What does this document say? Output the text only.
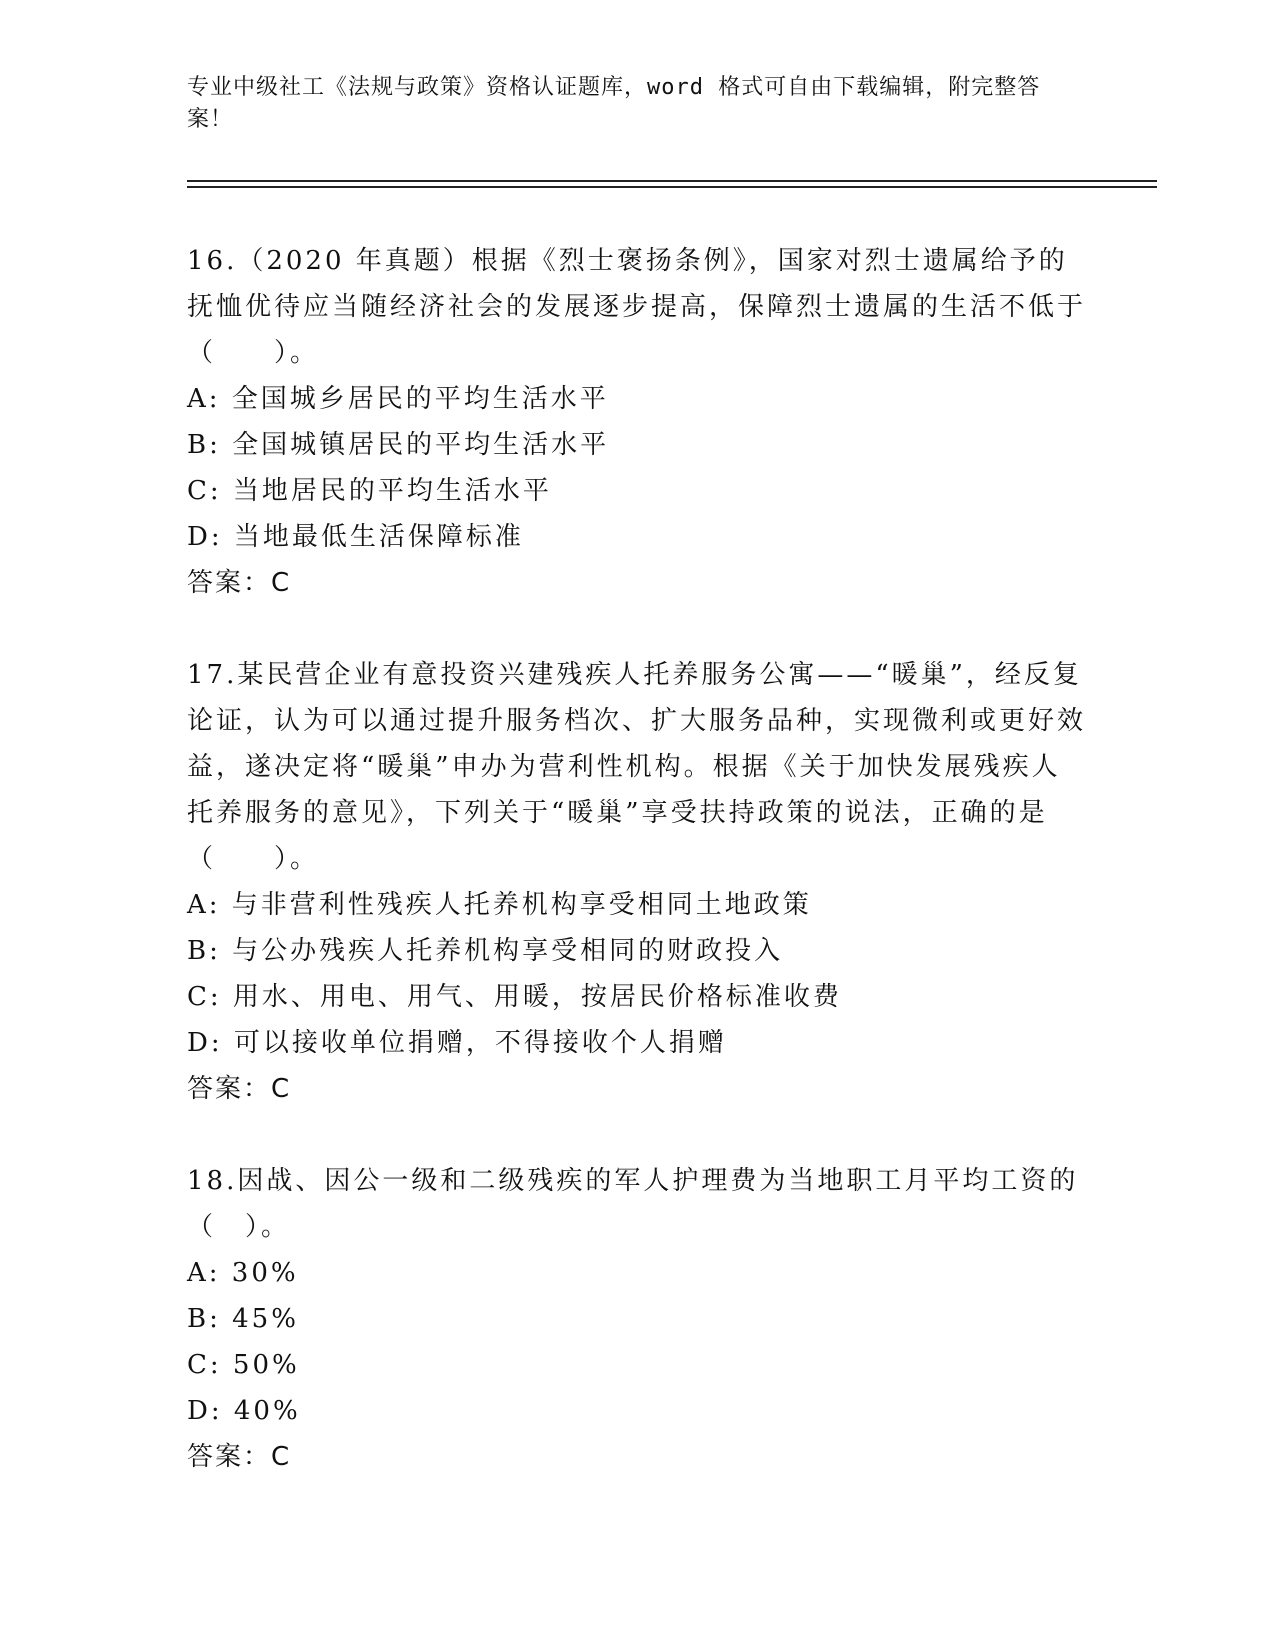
专业中级社工《法规与政策》资格认证题库，word 格式可自由下载编辑，附完整答案！
16.（2020 年真题）根据《烈士褒扬条例》，国家对烈士遗属给予的抚恤优待应当随经济社会的发展逐步提高，保障烈士遗属的生活不低于（　　）。
A: 全国城乡居民的平均生活水平
B: 全国城镇居民的平均生活水平
C: 当地居民的平均生活水平
D: 当地最低生活保障标准
答案：C
17.某民营企业有意投资兴建残疾人托养服务公寓——“暖巢”，经反复论证，认为可以通过提升服务档次、扩大服务品种，实现微利或更好效益，遂决定将“暖巢”申办为营利性机构。根据《关于加快发展残疾人托养服务的意见》，下列关于“暖巢”享受扶持政策的说法，正确的是（　　）。
A: 与非营利性残疾人托养机构享受相同土地政策
B: 与公办残疾人托养机构享受相同的财政投入
C: 用水、用电、用气、用暖，按居民价格标准收费
D: 可以接收单位捐赠，不得接收个人捐赠
答案：C
18.因战、因公一级和二级残疾的军人护理费为当地职工月平均工资的（　）。
A: 30%
B: 45%
C: 50%
D: 40%
答案：C
